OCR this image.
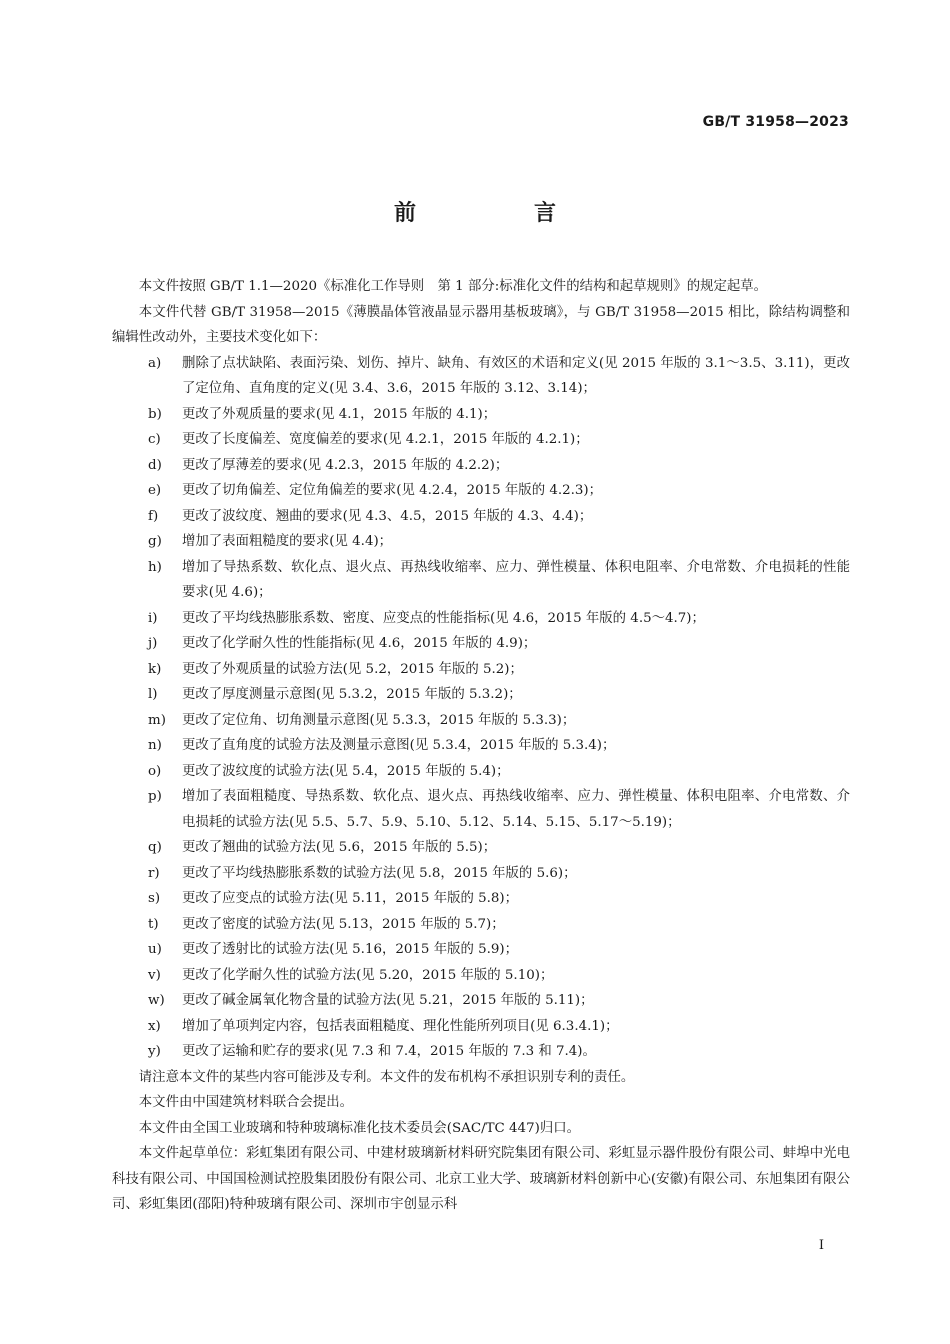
GB/T 31958—2023
前　言

本文件按照 GB/T 1.1—2020《标准化工作导则　第 1 部分:标准化文件的结构和起草规则》的规定起草。

本文件代替 GB/T 31958—2015《薄膜晶体管液晶显示器用基板玻璃》，与 GB/T 31958—2015 相比，除结构调整和编辑性改动外，主要技术变化如下：

a)	删除了点状缺陷、表面污染、划伤、掉片、缺角、有效区的术语和定义(见 2015 年版的 3.1～3.5、3.11)，更改了定位角、直角度的定义(见 3.4、3.6，2015 年版的 3.12、3.14)；
b)	更改了外观质量的要求(见 4.1，2015 年版的 4.1)；
c)	更改了长度偏差、宽度偏差的要求(见 4.2.1，2015 年版的 4.2.1)；
d)	更改了厚薄差的要求(见 4.2.3，2015 年版的 4.2.2)；
e)	更改了切角偏差、定位角偏差的要求(见 4.2.4，2015 年版的 4.2.3)；
f)	更改了波纹度、翘曲的要求(见 4.3、4.5，2015 年版的 4.3、4.4)；
g)	增加了表面粗糙度的要求(见 4.4)；
h)	增加了导热系数、软化点、退火点、再热线收缩率、应力、弹性模量、体积电阻率、介电常数、介电损耗的性能要求(见 4.6)；
i)	更改了平均线热膨胀系数、密度、应变点的性能指标(见 4.6，2015 年版的 4.5～4.7)；
j)	更改了化学耐久性的性能指标(见 4.6，2015 年版的 4.9)；
k)	更改了外观质量的试验方法(见 5.2，2015 年版的 5.2)；
l)	更改了厚度测量示意图(见 5.3.2，2015 年版的 5.3.2)；
m)	更改了定位角、切角测量示意图(见 5.3.3，2015 年版的 5.3.3)；
n)	更改了直角度的试验方法及测量示意图(见 5.3.4，2015 年版的 5.3.4)；
o)	更改了波纹度的试验方法(见 5.4，2015 年版的 5.4)；
p)	增加了表面粗糙度、导热系数、软化点、退火点、再热线收缩率、应力、弹性模量、体积电阻率、介电常数、介电损耗的试验方法(见 5.5、5.7、5.9、5.10、5.12、5.14、5.15、5.17～5.19)；
q)	更改了翘曲的试验方法(见 5.6，2015 年版的 5.5)；
r)	更改了平均线热膨胀系数的试验方法(见 5.8，2015 年版的 5.6)；
s)	更改了应变点的试验方法(见 5.11，2015 年版的 5.8)；
t)	更改了密度的试验方法(见 5.13，2015 年版的 5.7)；
u)	更改了透射比的试验方法(见 5.16，2015 年版的 5.9)；
v)	更改了化学耐久性的试验方法(见 5.20，2015 年版的 5.10)；
w)	更改了碱金属氧化物含量的试验方法(见 5.21，2015 年版的 5.11)；
x)	增加了单项判定内容，包括表面粗糙度、理化性能所列项目(见 6.3.4.1)；
y)	更改了运输和贮存的要求(见 7.3 和 7.4，2015 年版的 7.3 和 7.4)。

请注意本文件的某些内容可能涉及专利。本文件的发布机构不承担识别专利的责任。

本文件由中国建筑材料联合会提出。

本文件由全国工业玻璃和特种玻璃标准化技术委员会(SAC/TC 447)归口。

本文件起草单位：彩虹集团有限公司、中建材玻璃新材料研究院集团有限公司、彩虹显示器件股份有限公司、蚌埠中光电科技有限公司、中国国检测试控股集团股份有限公司、北京工业大学、玻璃新材料创新中心(安徽)有限公司、东旭集团有限公司、彩虹集团(邵阳)特种玻璃有限公司、深圳市宇创显示科

Ⅰ
